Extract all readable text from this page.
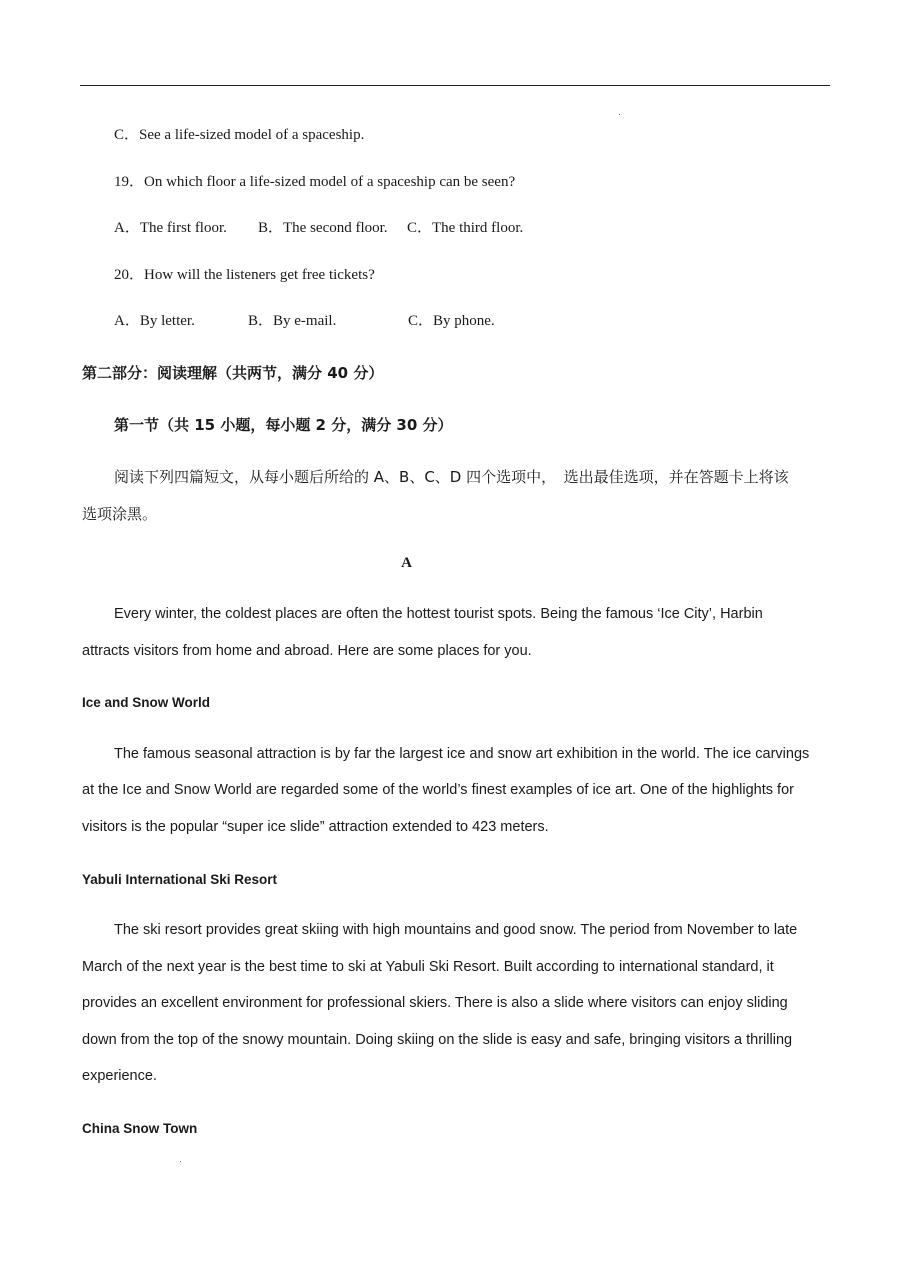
C．See a life-sized model of a spaceship.

19．On which floor a life-sized model of a spaceship can be seen?

A．The first floor. B．The second floor. C．The third floor.

20．How will the listeners get free tickets?

A．By letter.	B．By e-mail.	C．By phone.

第二部分：阅读理解（共两节，满分 40 分）

第一节（共 15 小题，每小题 2 分，满分 30 分）

阅读下列四篇短文，从每小题后所给的 A、B、C、D 四个选项中，　选出最佳选项，并在答题卡上将该

选项涂黑。

A

Every winter, the coldest places are often the hottest tourist spots. Being the famous ‘Ice City’, Harbin

attracts visitors from home and abroad. Here are some places for you.

Ice and Snow World

The famous seasonal attraction is by far the largest ice and snow art exhibition in the world. The ice carvings

at the Ice and Snow World are regarded some of the world’s finest examples of ice art. One of the highlights for

visitors is the popular “super ice slide” attraction extended to 423 meters.

Yabuli International Ski Resort

The ski resort provides great skiing with high mountains and good snow. The period from November to late

March of the next year is the best time to ski at Yabuli Ski Resort. Built according to international standard, it

provides an excellent environment for professional skiers. There is also a slide where visitors can enjoy sliding

down from the top of the snowy mountain. Doing skiing on the slide is easy and safe, bringing visitors a thrilling

experience.

China Snow Town
